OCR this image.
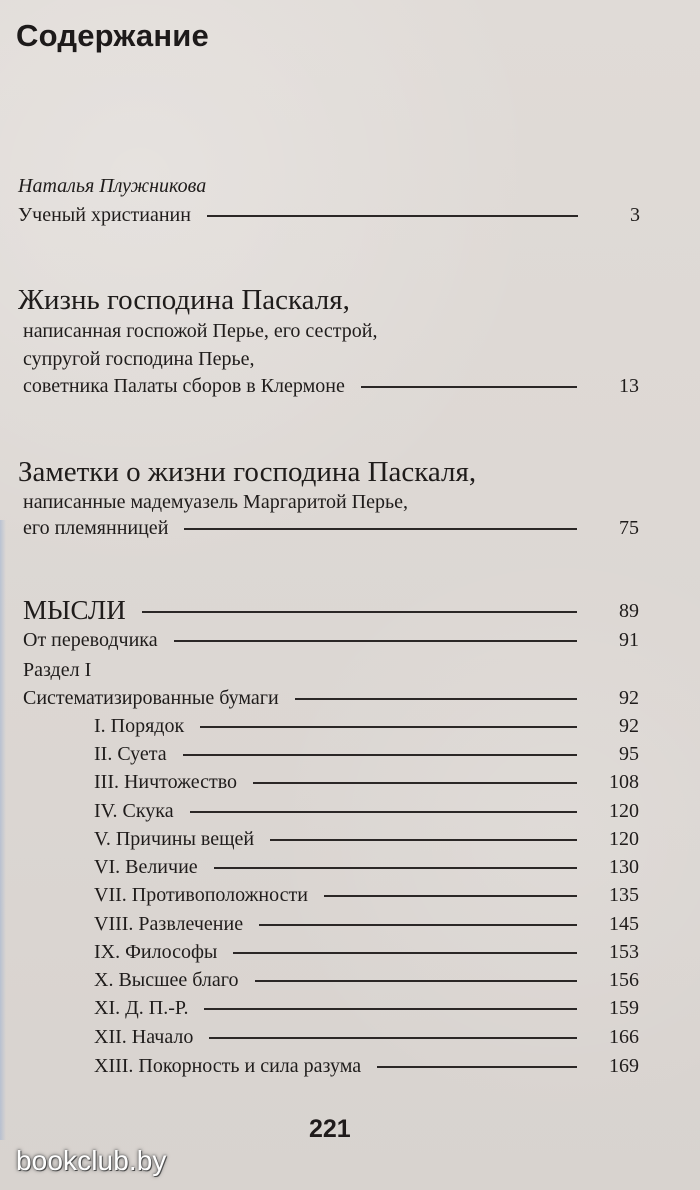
Содержание
Наталья Плужникова
Ученый христианин	3
Жизнь господина Паскаля,
написанная госпожой Перье, его сестрой,
супругой господина Перье,
советника Палаты сборов в Клермоне	13
Заметки о жизни господина Паскаля,
написанные мадемуазель Маргаритой Перье,
его племянницей	75
МЫСЛИ	89
От переводчика	91
Раздел I
Систематизированные бумаги	92
I. Порядок	92
II. Суета	95
III. Ничтожество	108
IV. Скука	120
V. Причины вещей	120
VI. Величие	130
VII. Противоположности	135
VIII. Развлечение	145
IX. Философы	153
X. Высшее благо	156
XI. Д. П.-Р.	159
XII. Начало	166
XIII. Покорность и сила разума	169
221
bookclub.by
